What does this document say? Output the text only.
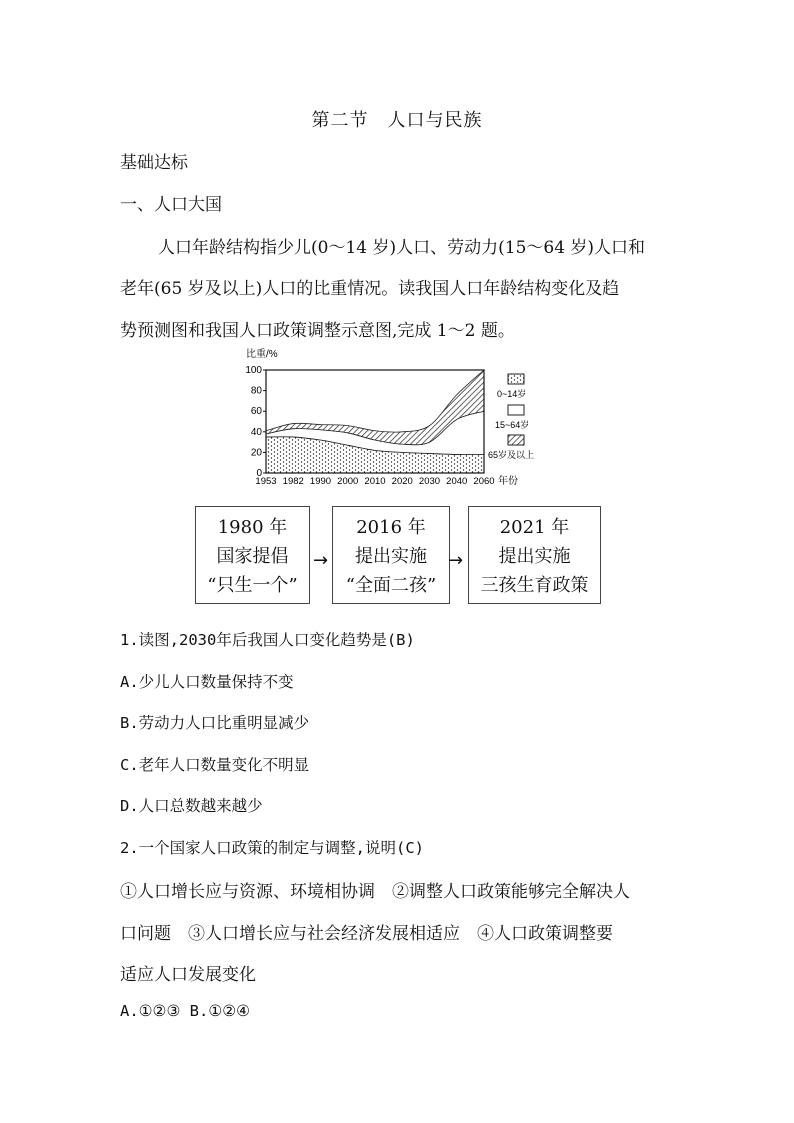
第二节　人口与民族
基础达标
一、人口大国
人口年龄结构指少儿(0～14 岁)人口、劳动力(15～64 岁)人口和
老年(65 岁及以上)人口的比重情况。读我国人口年龄结构变化及趋
势预测图和我国人口政策调整示意图,完成 1～2 题。
100
80
60
40
20
0
1953 1982 1990 2000 2010 2020 2030 2040 2060
比重/%
年份
0~14岁
15~64岁
65岁及以上
1980 年
国家提倡
“只生一个”
→
2016 年
提出实施
“全面二孩”
→
2021 年
提出实施
三孩生育政策
1.读图,2030年后我国人口变化趋势是(B)
A.少儿人口数量保持不变
B.劳动力人口比重明显减少
C.老年人口数量变化不明显
D.人口总数越来越少
2.一个国家人口政策的制定与调整,说明(C)
①人口增长应与资源、环境相协调　②调整人口政策能够完全解决人
口问题　③人口增长应与社会经济发展相适应　④人口政策调整要
适应人口发展变化
A.①②③ B.①②④
